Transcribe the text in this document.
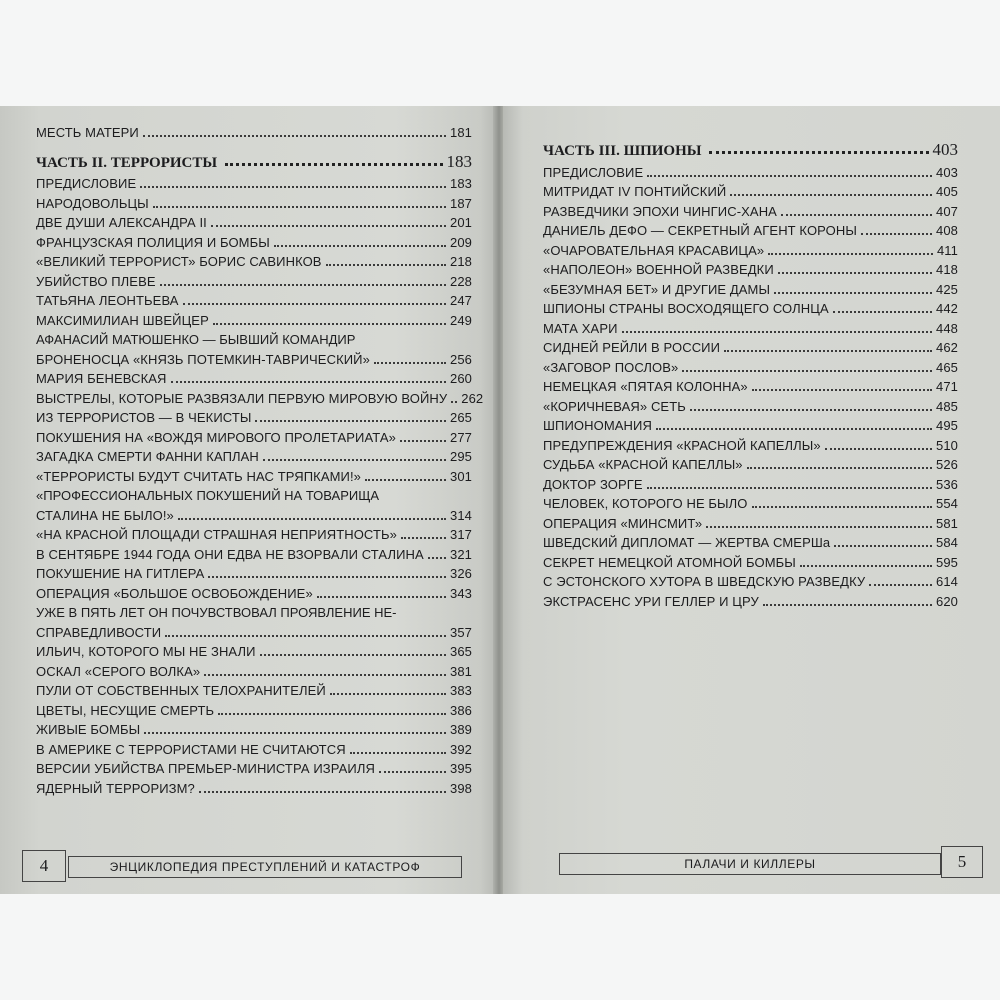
МЕСТЬ МАТЕРИ	181
ЧАСТЬ II. ТЕРРОРИСТЫ	183
ПРЕДИСЛОВИЕ	183
НАРОДОВОЛЬЦЫ	187
ДВЕ ДУШИ АЛЕКСАНДРА II	201
ФРАНЦУЗСКАЯ ПОЛИЦИЯ И БОМБЫ	209
«ВЕЛИКИЙ ТЕРРОРИСТ» БОРИС САВИНКОВ	218
УБИЙСТВО ПЛЕВЕ	228
ТАТЬЯНА ЛЕОНТЬЕВА	247
МАКСИМИЛИАН ШВЕЙЦЕР	249
АФАНАСИЙ МАТЮШЕНКО — БЫВШИЙ КОМАНДИР
БРОНЕНОСЦА «КНЯЗЬ ПОТЕМКИН-ТАВРИЧЕСКИЙ»	256
МАРИЯ БЕНЕВСКАЯ	260
ВЫСТРЕЛЫ, КОТОРЫЕ РАЗВЯЗАЛИ ПЕРВУЮ МИРОВУЮ ВОЙНУ 262
ИЗ ТЕРРОРИСТОВ — В ЧЕКИСТЫ	265
ПОКУШЕНИЯ НА «ВОЖДЯ МИРОВОГО ПРОЛЕТАРИАТА»	277
ЗАГАДКА СМЕРТИ ФАННИ КАПЛАН	295
«ТЕРРОРИСТЫ БУДУТ СЧИТАТЬ НАС ТРЯПКАМИ!»	301
«ПРОФЕССИОНАЛЬНЫХ ПОКУШЕНИЙ НА ТОВАРИЩА
СТАЛИНА НЕ БЫЛО!»	314
«НА КРАСНОЙ ПЛОЩАДИ СТРАШНАЯ НЕПРИЯТНОСТЬ»	317
В СЕНТЯБРЕ 1944 ГОДА ОНИ ЕДВА НЕ ВЗОРВАЛИ СТАЛИНА 321
ПОКУШЕНИЕ НА ГИТЛЕРА	326
ОПЕРАЦИЯ «БОЛЬШОЕ ОСВОБОЖДЕНИЕ»	343
УЖЕ В ПЯТЬ ЛЕТ ОН ПОЧУВСТВОВАЛ ПРОЯВЛЕНИЕ НЕ-
СПРАВЕДЛИВОСТИ	357
ИЛЬИЧ, КОТОРОГО МЫ НЕ ЗНАЛИ	365
ОСКАЛ «СЕРОГО ВОЛКА»	381
ПУЛИ ОТ СОБСТВЕННЫХ ТЕЛОХРАНИТЕЛЕЙ	383
ЦВЕТЫ, НЕСУЩИЕ СМЕРТЬ	386
ЖИВЫЕ БОМБЫ	389
В АМЕРИКЕ С ТЕРРОРИСТАМИ НЕ СЧИТАЮТСЯ	392
ВЕРСИИ УБИЙСТВА ПРЕМЬЕР-МИНИСТРА ИЗРАИЛЯ	395
ЯДЕРНЫЙ ТЕРРОРИЗМ?	398
4	ЭНЦИКЛОПЕДИЯ ПРЕСТУПЛЕНИЙ И КАТАСТРОФ
ЧАСТЬ III. ШПИОНЫ	403
ПРЕДИСЛОВИЕ	403
МИТРИДАТ IV ПОНТИЙСКИЙ	405
РАЗВЕДЧИКИ ЭПОХИ ЧИНГИС-ХАНА	407
ДАНИЕЛЬ ДЕФО — СЕКРЕТНЫЙ АГЕНТ КОРОНЫ	408
«ОЧАРОВАТЕЛЬНАЯ КРАСАВИЦА»	411
«НАПОЛЕОН» ВОЕННОЙ РАЗВЕДКИ	418
«БЕЗУМНАЯ БЕТ» И ДРУГИЕ ДАМЫ	425
ШПИОНЫ СТРАНЫ ВОСХОДЯЩЕГО СОЛНЦА	442
МАТА ХАРИ	448
СИДНЕЙ РЕЙЛИ В РОССИИ	462
«ЗАГОВОР ПОСЛОВ»	465
НЕМЕЦКАЯ «ПЯТАЯ КОЛОННА»	471
«КОРИЧНЕВАЯ» СЕТЬ	485
ШПИОНОМАНИЯ	495
ПРЕДУПРЕЖДЕНИЯ «КРАСНОЙ КАПЕЛЛЫ»	510
СУДЬБА «КРАСНОЙ КАПЕЛЛЫ»	526
ДОКТОР ЗОРГЕ	536
ЧЕЛОВЕК, КОТОРОГО НЕ БЫЛО	554
ОПЕРАЦИЯ «МИНСМИТ»	581
ШВЕДСКИЙ ДИПЛОМАТ — ЖЕРТВА СМЕРШа	584
СЕКРЕТ НЕМЕЦКОЙ АТОМНОЙ БОМБЫ	595
С ЭСТОНСКОГО ХУТОРА В ШВЕДСКУЮ РАЗВЕДКУ	614
ЭКСТРАСЕНС УРИ ГЕЛЛЕР И ЦРУ	620
ПАЛАЧИ И КИЛЛЕРЫ	5
